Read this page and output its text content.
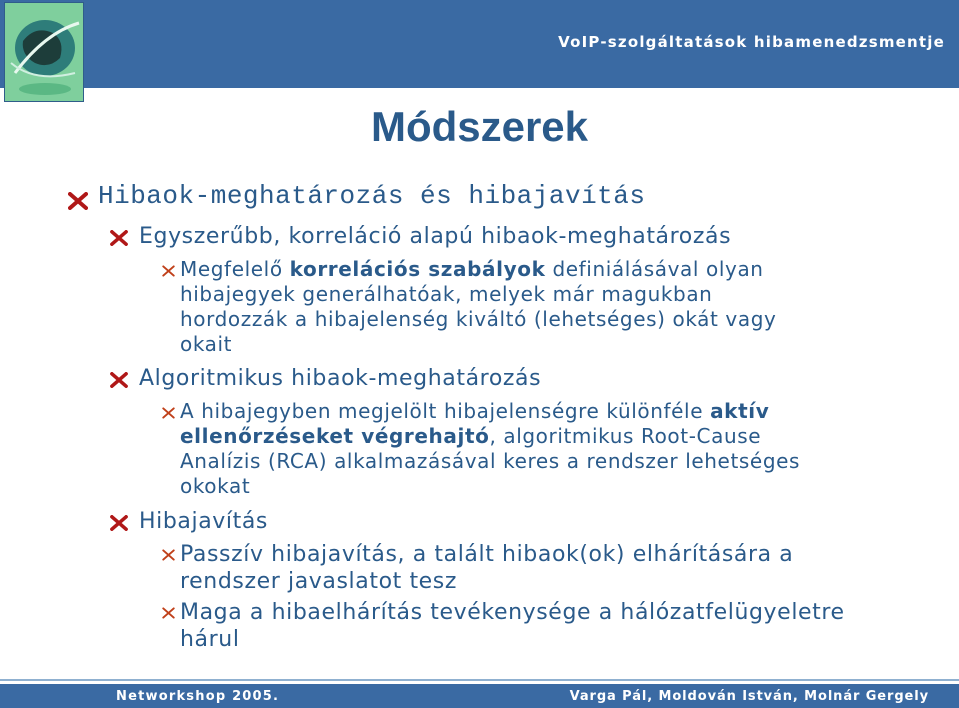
VoIP-szolgáltatások hibamenedzsmentje
Módszerek
Hibaok-meghatározás és hibajavítás
Egyszerűbb, korreláció alapú hibaok-meghatározás
Megfelelő korrelációs szabályok definiálásával olyan
hibajegyek generálhatóak, melyek már magukban
hordozzák a hibajelenség kiváltó (lehetséges) okát vagy
okait
Algoritmikus hibaok-meghatározás
A hibajegyben megjelölt hibajelenségre különféle aktív
ellenőrzéseket végrehajtó, algoritmikus Root-Cause
Analízis (RCA) alkalmazásával keres a rendszer lehetséges
okokat
Hibajavítás
Passzív hibajavítás, a talált hibaok(ok) elhárítására a
rendszer javaslatot tesz
Maga a hibaelhárítás tevékenysége a hálózatfelügyeletre
hárul
Networkshop 2005.	Varga Pál, Moldován István, Molnár Gergely
